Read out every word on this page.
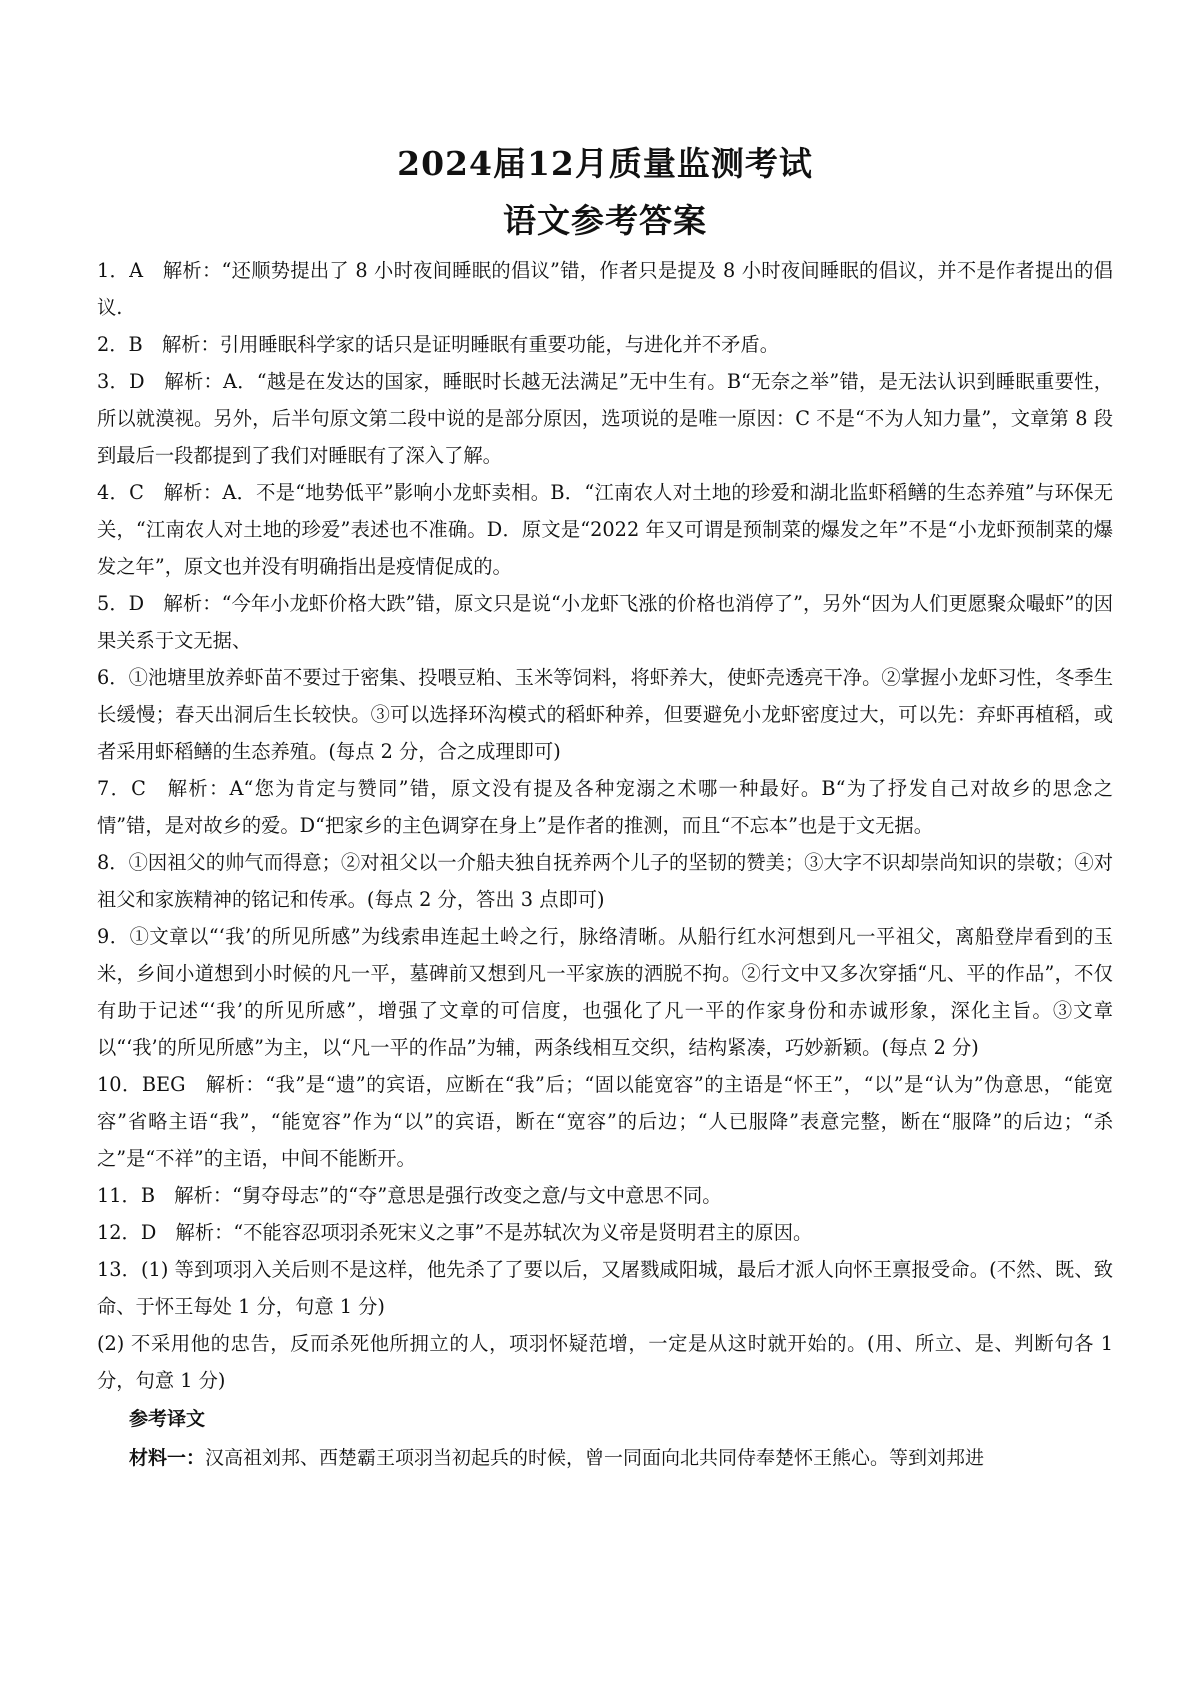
2024届12月质量监测考试
语文参考答案

1．A　解析：“还顺势提出了 8 小时夜间睡眠的倡议”错，作者只是提及 8 小时夜间睡眠的倡议，并不是作者提出的倡议.

2．B　解析：引用睡眠科学家的话只是证明睡眠有重要功能，与进化并不矛盾。

3．D　解析：A．“越是在发达的国家，睡眠时长越无法满足”无中生有。B“无奈之举”错，是无法认识到睡眠重要性，所以就漠视。另外，后半句原文第二段中说的是部分原因，选项说的是唯一原因：C 不是“不为人知力量”，文章第 8 段到最后一段都提到了我们对睡眠有了深入了解。

4．C　解析：A．不是“地势低平”影响小龙虾卖相。B．“江南农人对土地的珍爱和湖北监虾稻鳝的生态养殖”与环保无关，“江南农人对土地的珍爱”表述也不准确。D．原文是“2022 年又可谓是预制菜的爆发之年”不是“小龙虾预制菜的爆发之年”，原文也并没有明确指出是疫情促成的。

5．D　解析：“今年小龙虾价格大跌”错，原文只是说“小龙虾飞涨的价格也消停了”，另外“因为人们更愿聚众嘬虾”的因果关系于文无据、

6．①池塘里放养虾苗不要过于密集、投喂豆粕、玉米等饲料，将虾养大，使虾壳透亮干净。②掌握小龙虾习性，冬季生长缓慢；春天出洞后生长较快。③可以选择环沟模式的稻虾种养，但要避免小龙虾密度过大，可以先：弃虾再植稻，或者采用虾稻鳝的生态养殖。(每点 2 分，合之成理即可)

7．C　解析：A“您为肯定与赞同”错，原文没有提及各种宠溺之术哪一种最好。B“为了抒发自己对故乡的思念之情”错，是对故乡的爱。D“把家乡的主色调穿在身上”是作者的推测，而且“不忘本”也是于文无据。

8．①因祖父的帅气而得意；②对祖父以一介船夫独自抚养两个儿子的坚韧的赞美；③大字不识却崇尚知识的崇敬；④对祖父和家族精神的铭记和传承。(每点 2 分，答出 3 点即可)

9．①文章以“‘我’的所见所感”为线索串连起土岭之行，脉络清晰。从船行红水河想到凡一平祖父，离船登岸看到的玉米，乡间小道想到小时候的凡一平，墓碑前又想到凡一平家族的洒脱不拘。②行文中又多次穿插“凡、平的作品”，不仅有助于记述“‘我’的所见所感”，增强了文章的可信度，也强化了凡一平的作家身份和赤诚形象，深化主旨。③文章以“‘我’的所见所感”为主，以“凡一平的作品”为辅，两条线相互交织，结构紧凑，巧妙新颖。(每点 2 分)

10．BEG　解析：“我”是“遗”的宾语，应断在“我”后；“固以能宽容”的主语是“怀王”，“以”是“认为”伪意思，“能宽容”省略主语“我”，“能宽容”作为“以”的宾语，断在“宽容”的后边；“人已服降”表意完整，断在“服降”的后边；“杀之”是“不祥”的主语，中间不能断开。

11．B　解析：“舅夺母志”的“夺”意思是强行改变之意/与文中意思不同。

12．D　解析：“不能容忍项羽杀死宋义之事”不是苏轼次为义帝是贤明君主的原因。

13．(1) 等到项羽入关后则不是这样，他先杀了了要以后，又屠戮咸阳城，最后才派人向怀王禀报受命。(不然、既、致命、于怀王每处 1 分，句意 1 分)

(2) 不采用他的忠告，反而杀死他所拥立的人，项羽怀疑范增，一定是从这时就开始的。(用、所立、是、判断句各 1 分，句意 1 分)

参考译文

材料一：汉高祖刘邦、西楚霸王项羽当初起兵的时候，曾一同面向北共同侍奉楚怀王熊心。等到刘邦进
